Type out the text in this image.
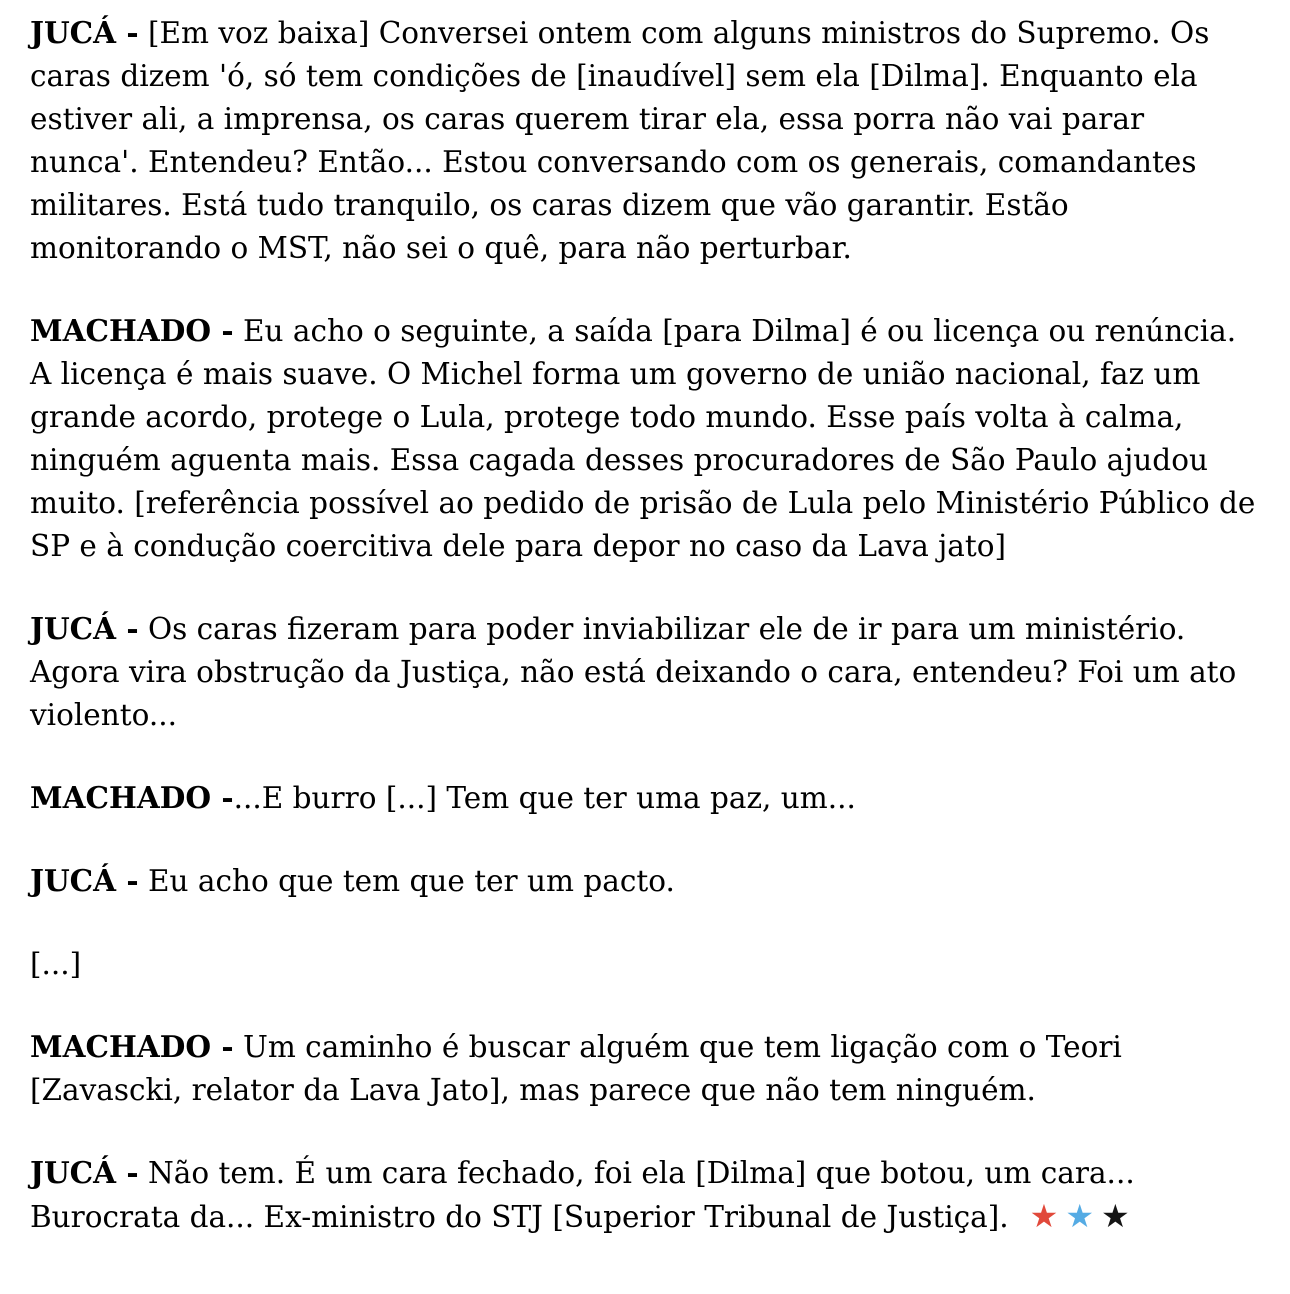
JUCÁ - [Em voz baixa] Conversei ontem com alguns ministros do Supremo. Os caras dizem 'ó, só tem condições de [inaudível] sem ela [Dilma]. Enquanto ela estiver ali, a imprensa, os caras querem tirar ela, essa porra não vai parar nunca'. Entendeu? Então... Estou conversando com os generais, comandantes militares. Está tudo tranquilo, os caras dizem que vão garantir. Estão monitorando o MST, não sei o quê, para não perturbar.

MACHADO - Eu acho o seguinte, a saída [para Dilma] é ou licença ou renúncia. A licença é mais suave. O Michel forma um governo de união nacional, faz um grande acordo, protege o Lula, protege todo mundo. Esse país volta à calma, ninguém aguenta mais. Essa cagada desses procuradores de São Paulo ajudou muito. [referência possível ao pedido de prisão de Lula pelo Ministério Público de SP e à condução coercitiva dele para depor no caso da Lava jato]

JUCÁ - Os caras fizeram para poder inviabilizar ele de ir para um ministério. Agora vira obstrução da Justiça, não está deixando o cara, entendeu? Foi um ato violento...

MACHADO -...E burro [...] Tem que ter uma paz, um...

JUCÁ - Eu acho que tem que ter um pacto.

[...]

MACHADO - Um caminho é buscar alguém que tem ligação com o Teori [Zavascki, relator da Lava Jato], mas parece que não tem ninguém.

JUCÁ - Não tem. É um cara fechado, foi ela [Dilma] que botou, um cara... Burocrata da... Ex-ministro do STJ [Superior Tribunal de Justiça]. ★ ★ ★
